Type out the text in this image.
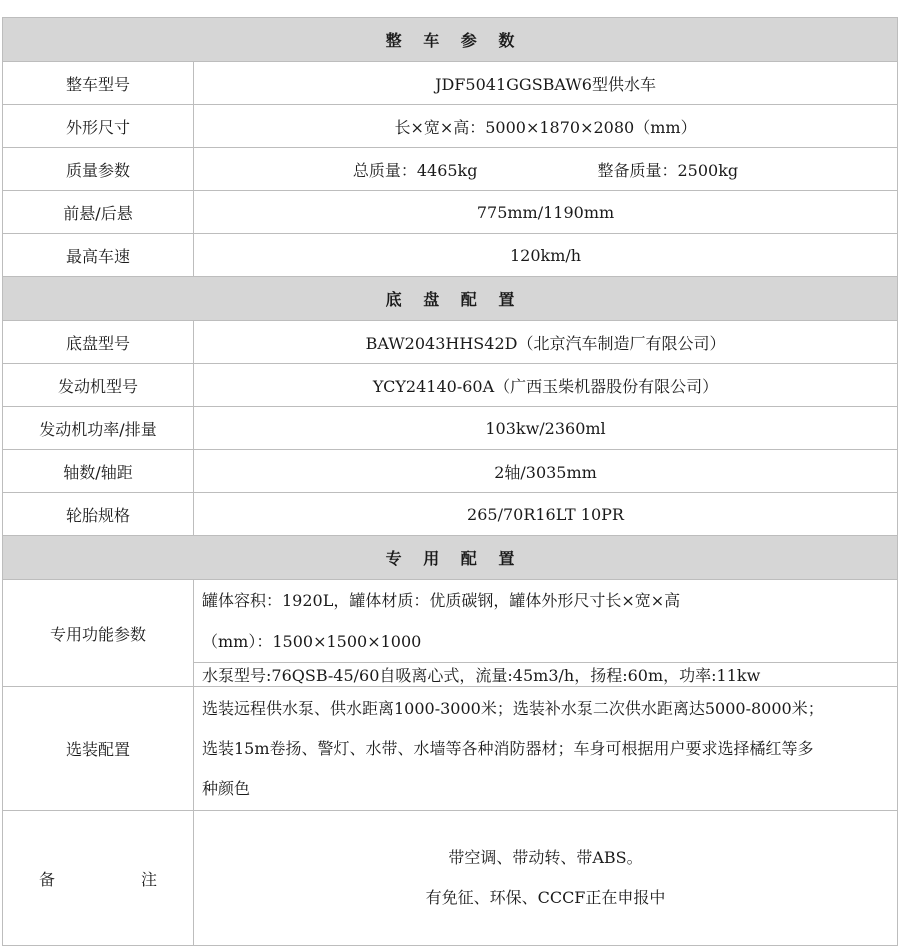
整  车  参  数	
整车型号	JDF5041GGSBAW6型供水车
外形尺寸	长×宽×高：5000×1870×2080（mm）
质量参数	总质量：4465kg 整备质量：2500kg

前悬/后悬	775mm/1190mm
最高车速	120km/h
底  盘  配  置	
底盘型号	BAW2043HHS42D（北京汽车制造厂有限公司）
发动机型号	YCY24140-60A（广西玉柴机器股份有限公司）
发动机功率/排量	103kw/2360ml
轴数/轴距	2轴/3035mm
轮胎规格	265/70R16LT 10PR
专  用  配  置	
专用功能参数	罐体容积：1920L，罐体材质：优质碳钢，罐体外形尺寸长×宽×高
（mm）：1500×1500×1000

	水泵型号:76QSB-45/60自吸离心式，流量:45m3/h，扬程:60m，功率:11kw
选装配置	选装远程供水泵、供水距离1000-3000米；选装补水泵二次供水距离达5000-8000米；
选装15m卷扬、警灯、水带、水墙等各种消防器材；车身可根据用户要求选择橘红等多
种颜色

备 注	带空调、带动转、带ABS。
有免征、环保、CCCF正在申报中
